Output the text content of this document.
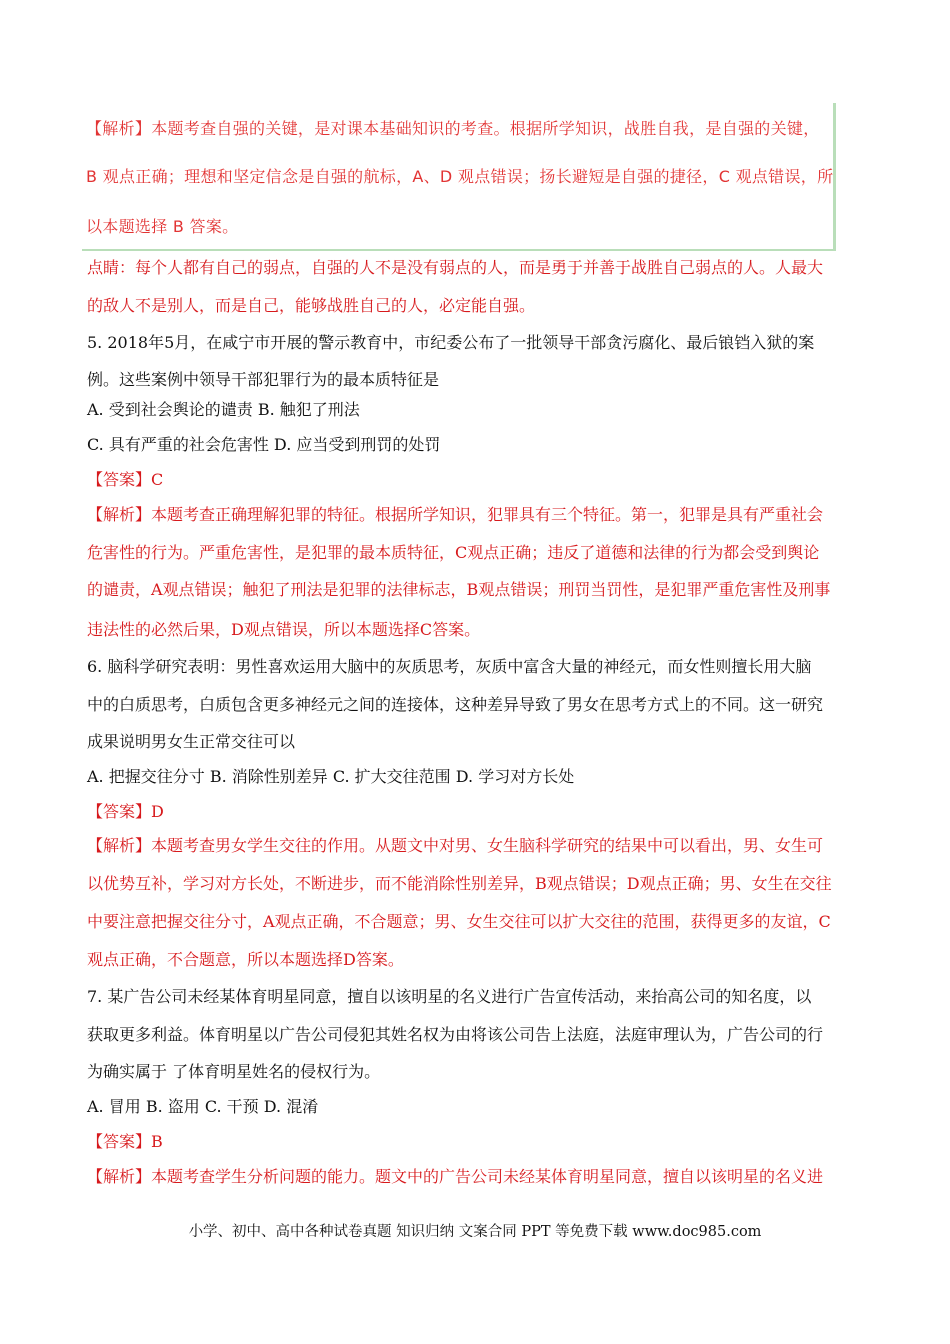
【解析】本题考查自强的关键，是对课本基础知识的考查。根据所学知识，战胜自我，是自强的关键，
B 观点正确；理想和坚定信念是自强的航标，A、D 观点错误；扬长避短是自强的捷径，C 观点错误，所
以本题选择 B 答案。
点睛：每个人都有自己的弱点，自强的人不是没有弱点的人，而是勇于并善于战胜自己弱点的人。人最大
的敌人不是别人，而是自己，能够战胜自己的人，必定能自强。
5. 2018年5月，在咸宁市开展的警示教育中，市纪委公布了一批领导干部贪污腐化、最后锒铛入狱的案
例。这些案例中领导干部犯罪行为的最本质特征是
A. 受到社会舆论的谴责 B. 触犯了刑法
C. 具有严重的社会危害性 D. 应当受到刑罚的处罚
【答案】C
【解析】本题考查正确理解犯罪的特征。根据所学知识，犯罪具有三个特征。第一，犯罪是具有严重社会
危害性的行为。严重危害性，是犯罪的最本质特征，C观点正确；违反了道德和法律的行为都会受到舆论
的谴责，A观点错误；触犯了刑法是犯罪的法律标志，B观点错误；刑罚当罚性，是犯罪严重危害性及刑事
违法性的必然后果，D观点错误，所以本题选择C答案。
6. 脑科学研究表明：男性喜欢运用大脑中的灰质思考，灰质中富含大量的神经元，而女性则擅长用大脑
中的白质思考，白质包含更多神经元之间的连接体，这种差异导致了男女在思考方式上的不同。这一研究
成果说明男女生正常交往可以
A. 把握交往分寸 B. 消除性别差异 C. 扩大交往范围 D. 学习对方长处
【答案】D
【解析】本题考查男女学生交往的作用。从题文中对男、女生脑科学研究的结果中可以看出，男、女生可
以优势互补，学习对方长处，不断进步，而不能消除性别差异，B观点错误；D观点正确；男、女生在交往
中要注意把握交往分寸，A观点正确，不合题意；男、女生交往可以扩大交往的范围，获得更多的友谊，C
观点正确，不合题意，所以本题选择D答案。
7. 某广告公司未经某体育明星同意，擅自以该明星的名义进行广告宣传活动，来抬高公司的知名度，以
获取更多利益。体育明星以广告公司侵犯其姓名权为由将该公司告上法庭，法庭审理认为，广告公司的行
为确实属于 了体育明星姓名的侵权行为。
A. 冒用 B. 盗用 C. 干预 D. 混淆
【答案】B
【解析】本题考查学生分析问题的能力。题文中的广告公司未经某体育明星同意，擅自以该明星的名义进
小学、初中、高中各种试卷真题 知识归纳 文案合同 PPT 等免费下载 www.doc985.com
